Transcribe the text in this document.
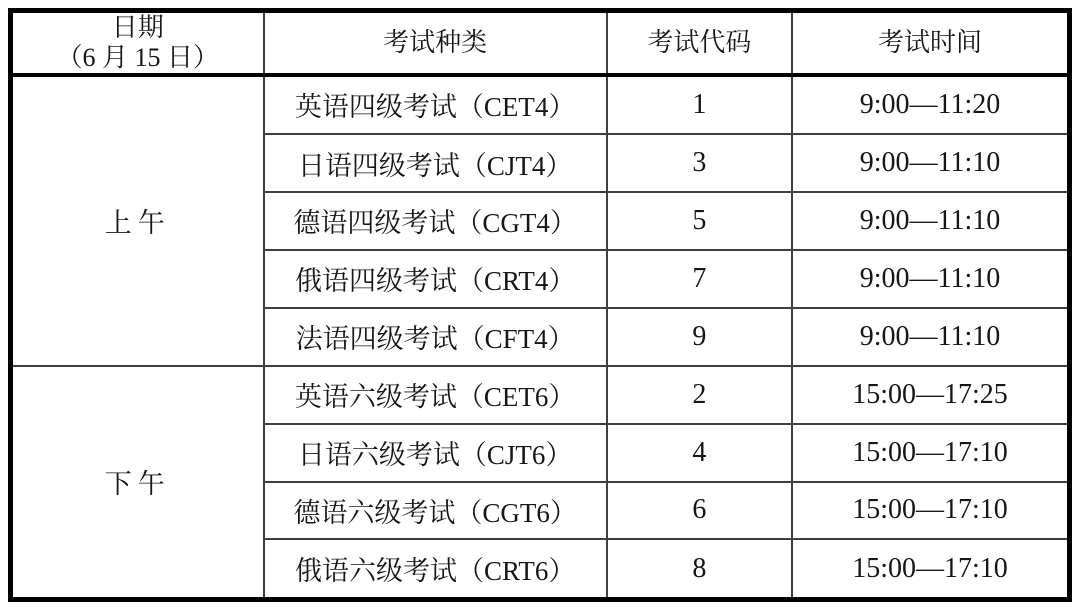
日期
（6 月 15 日）	考试种类	考试代码	考试时间
上午	英语四级考试（CET4）	1	9:00—11:20
	日语四级考试（CJT4）	3	9:00—11:10
	德语四级考试（CGT4）	5	9:00—11:10
	俄语四级考试（CRT4）	7	9:00—11:10
	法语四级考试（CFT4）	9	9:00—11:10
下午	英语六级考试（CET6）	2	15:00—17:25
	日语六级考试（CJT6）	4	15:00—17:10
	德语六级考试（CGT6）	6	15:00—17:10
	俄语六级考试（CRT6）	8	15:00—17:10
